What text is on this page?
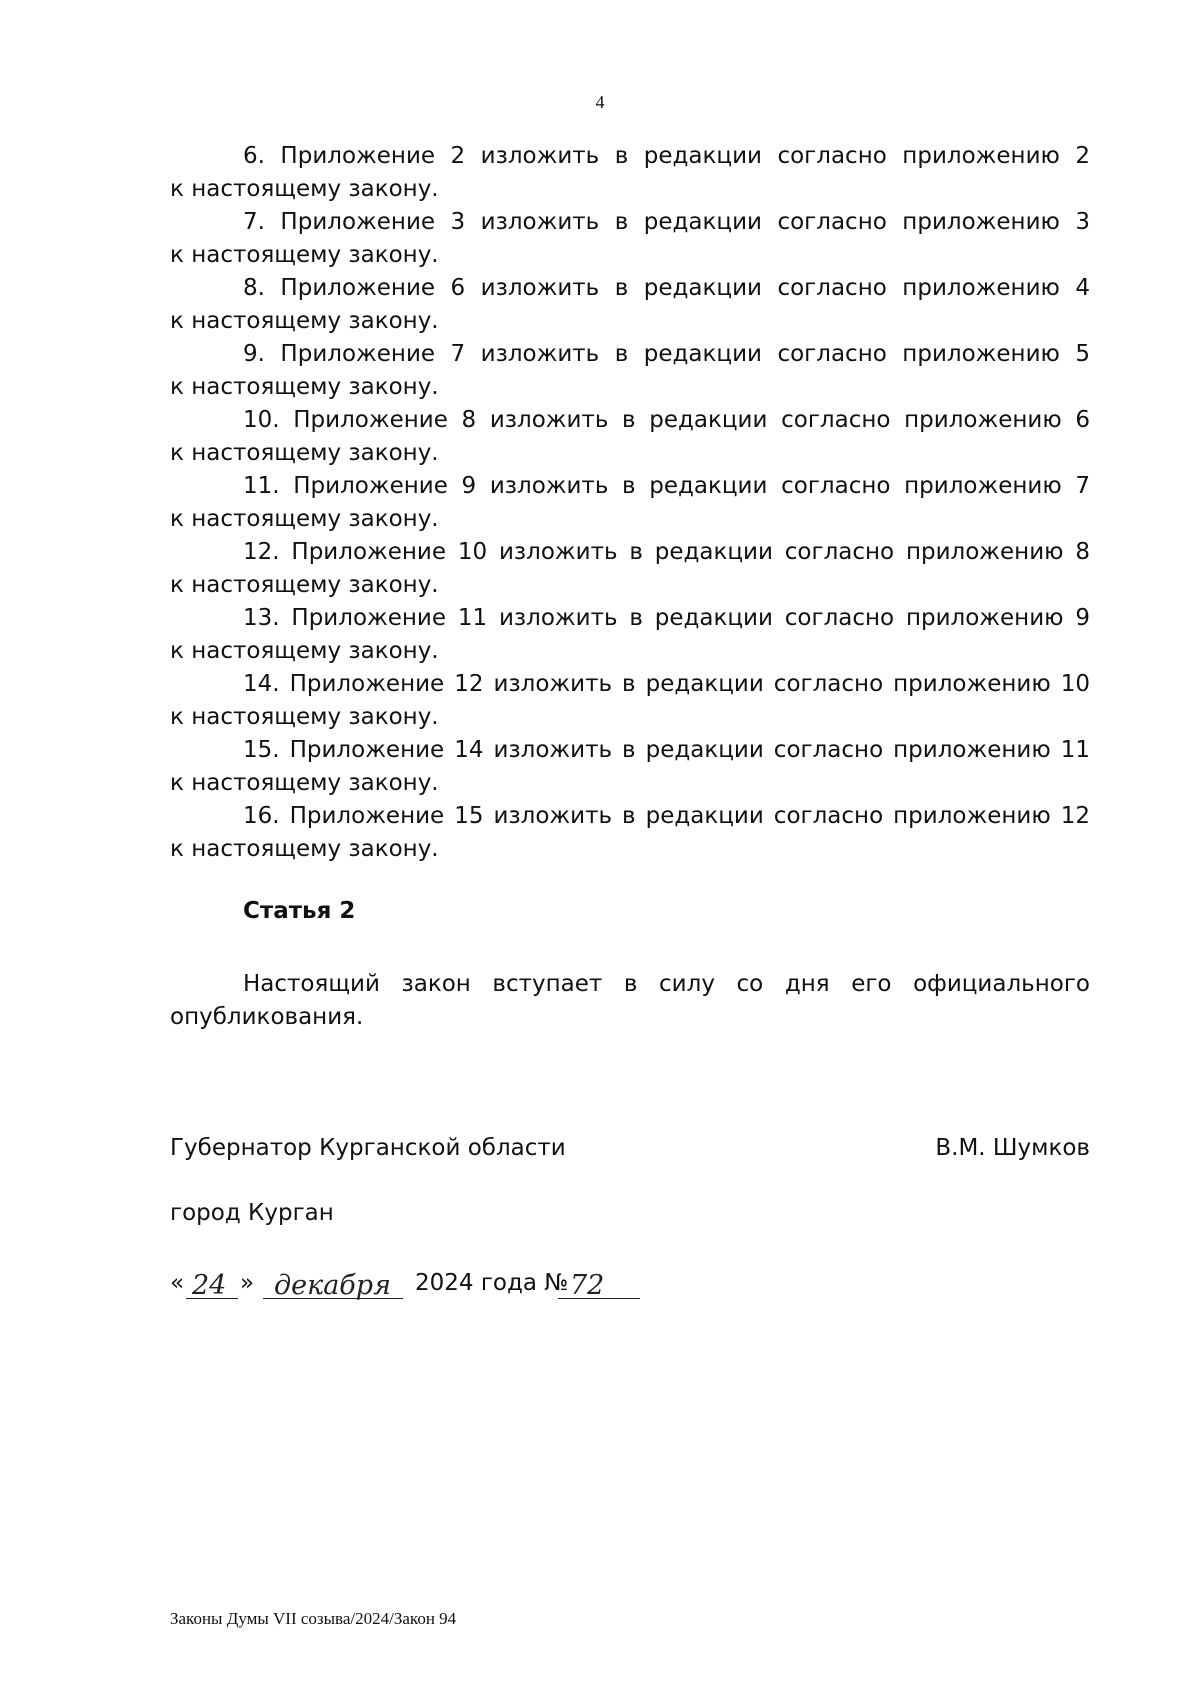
4

6. Приложение 2 изложить в редакции согласно приложению 2
к настоящему закону.

7. Приложение 3 изложить в редакции согласно приложению 3
к настоящему закону.

8. Приложение 6 изложить в редакции согласно приложению 4
к настоящему закону.

9. Приложение 7 изложить в редакции согласно приложению 5
к настоящему закону.

10. Приложение 8 изложить в редакции согласно приложению 6
к настоящему закону.

11. Приложение 9 изложить в редакции согласно приложению 7
к настоящему закону.

12. Приложение 10 изложить в редакции согласно приложению 8
к настоящему закону.

13. Приложение 11 изложить в редакции согласно приложению 9
к настоящему закону.

14. Приложение 12 изложить в редакции согласно приложению 10
к настоящему закону.

15. Приложение 14 изложить в редакции согласно приложению 11
к настоящему закону.

16. Приложение 15 изложить в редакции согласно приложению 12
к настоящему закону.

Статья 2
Настоящий закон вступает в силу со дня его официального
опубликования.
Губернатор Курганской области	В.М. Шумков
город Курган
« 24 » декабря 2024 года № 72
Законы Думы VII созыва/2024/Закон 94
